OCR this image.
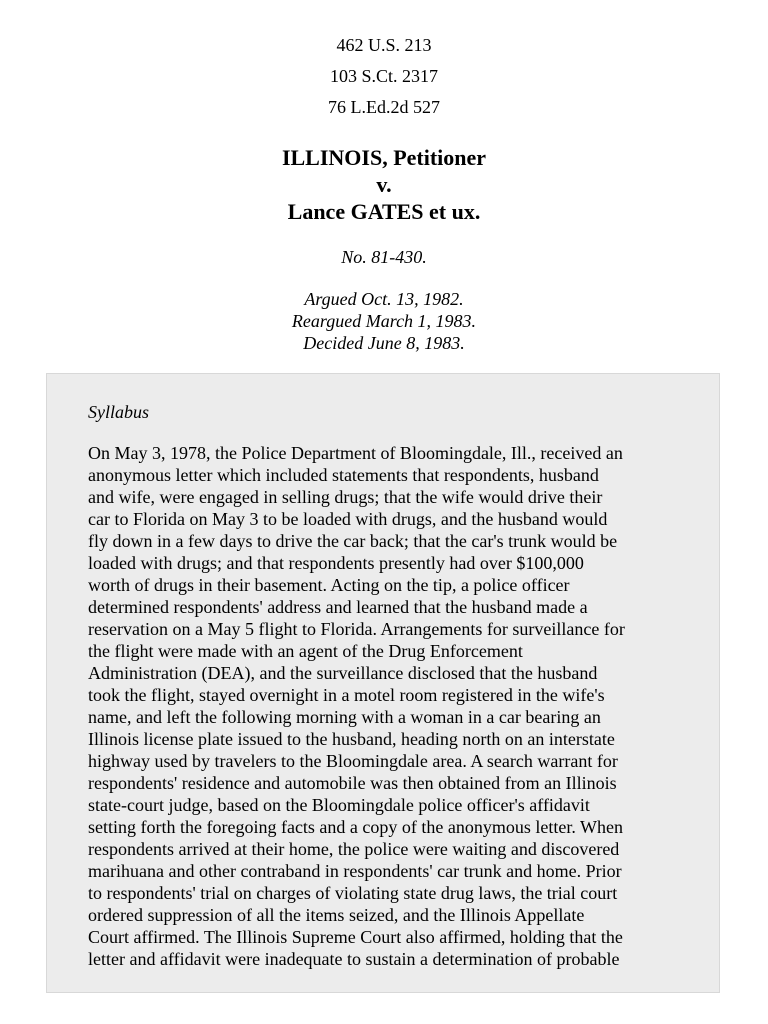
462 U.S. 213
103 S.Ct. 2317
76 L.Ed.2d 527
ILLINOIS, Petitioner
v.
Lance GATES et ux.
No. 81-430.
Argued Oct. 13, 1982.
Reargued March 1, 1983.
Decided June 8, 1983.
Syllabus
On May 3, 1978, the Police Department of Bloomingdale, Ill., received an
anonymous letter which included statements that respondents, husband
and wife, were engaged in selling drugs; that the wife would drive their
car to Florida on May 3 to be loaded with drugs, and the husband would
fly down in a few days to drive the car back; that the car's trunk would be
loaded with drugs; and that respondents presently had over $100,000
worth of drugs in their basement. Acting on the tip, a police officer
determined respondents' address and learned that the husband made a
reservation on a May 5 flight to Florida. Arrangements for surveillance for
the flight were made with an agent of the Drug Enforcement
Administration (DEA), and the surveillance disclosed that the husband
took the flight, stayed overnight in a motel room registered in the wife's
name, and left the following morning with a woman in a car bearing an
Illinois license plate issued to the husband, heading north on an interstate
highway used by travelers to the Bloomingdale area. A search warrant for
respondents' residence and automobile was then obtained from an Illinois
state-court judge, based on the Bloomingdale police officer's affidavit
setting forth the foregoing facts and a copy of the anonymous letter. When
respondents arrived at their home, the police were waiting and discovered
marihuana and other contraband in respondents' car trunk and home. Prior
to respondents' trial on charges of violating state drug laws, the trial court
ordered suppression of all the items seized, and the Illinois Appellate
Court affirmed. The Illinois Supreme Court also affirmed, holding that the
letter and affidavit were inadequate to sustain a determination of probable
